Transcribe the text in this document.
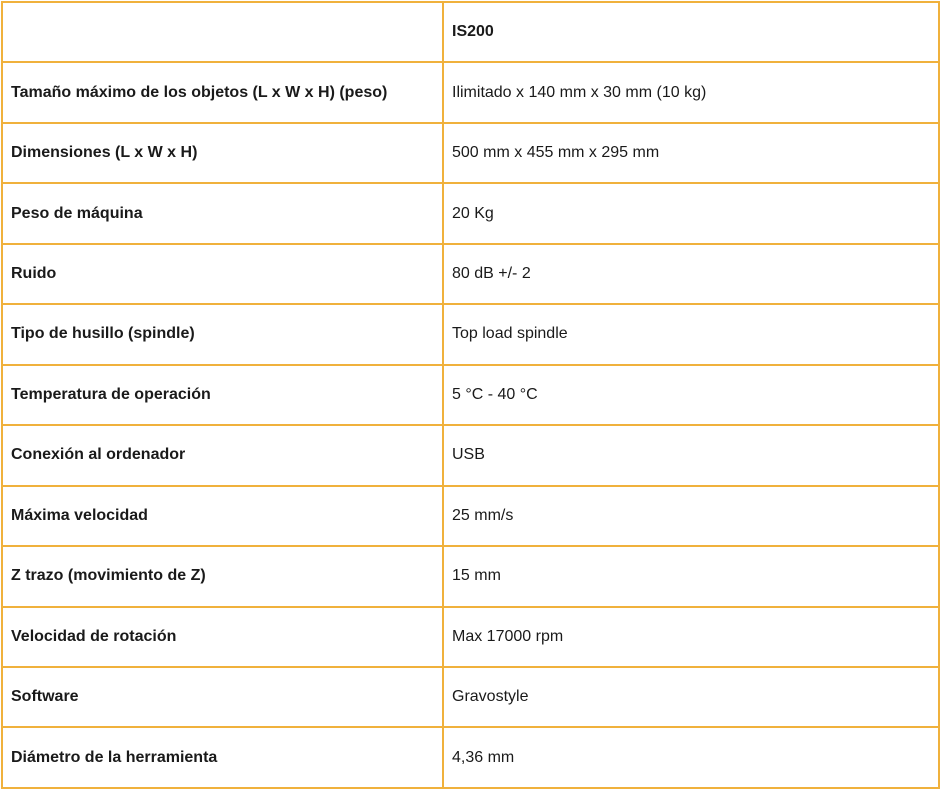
	IS200
Tamaño máximo de los objetos (L x W x H) (peso)	Ilimitado x 140 mm x 30 mm (10 kg)
Dimensiones (L x W x H)	500 mm x 455 mm x 295 mm
Peso de máquina	20 Kg
Ruido	80 dB +/- 2
Tipo de husillo (spindle)	Top load spindle
Temperatura de operación	5 °C - 40 °C
Conexión al ordenador	USB
Máxima velocidad	25 mm/s
Z trazo (movimiento de Z)	15 mm
Velocidad de rotación	Max 17000 rpm
Software	Gravostyle
Diámetro de la herramienta	4,36 mm
